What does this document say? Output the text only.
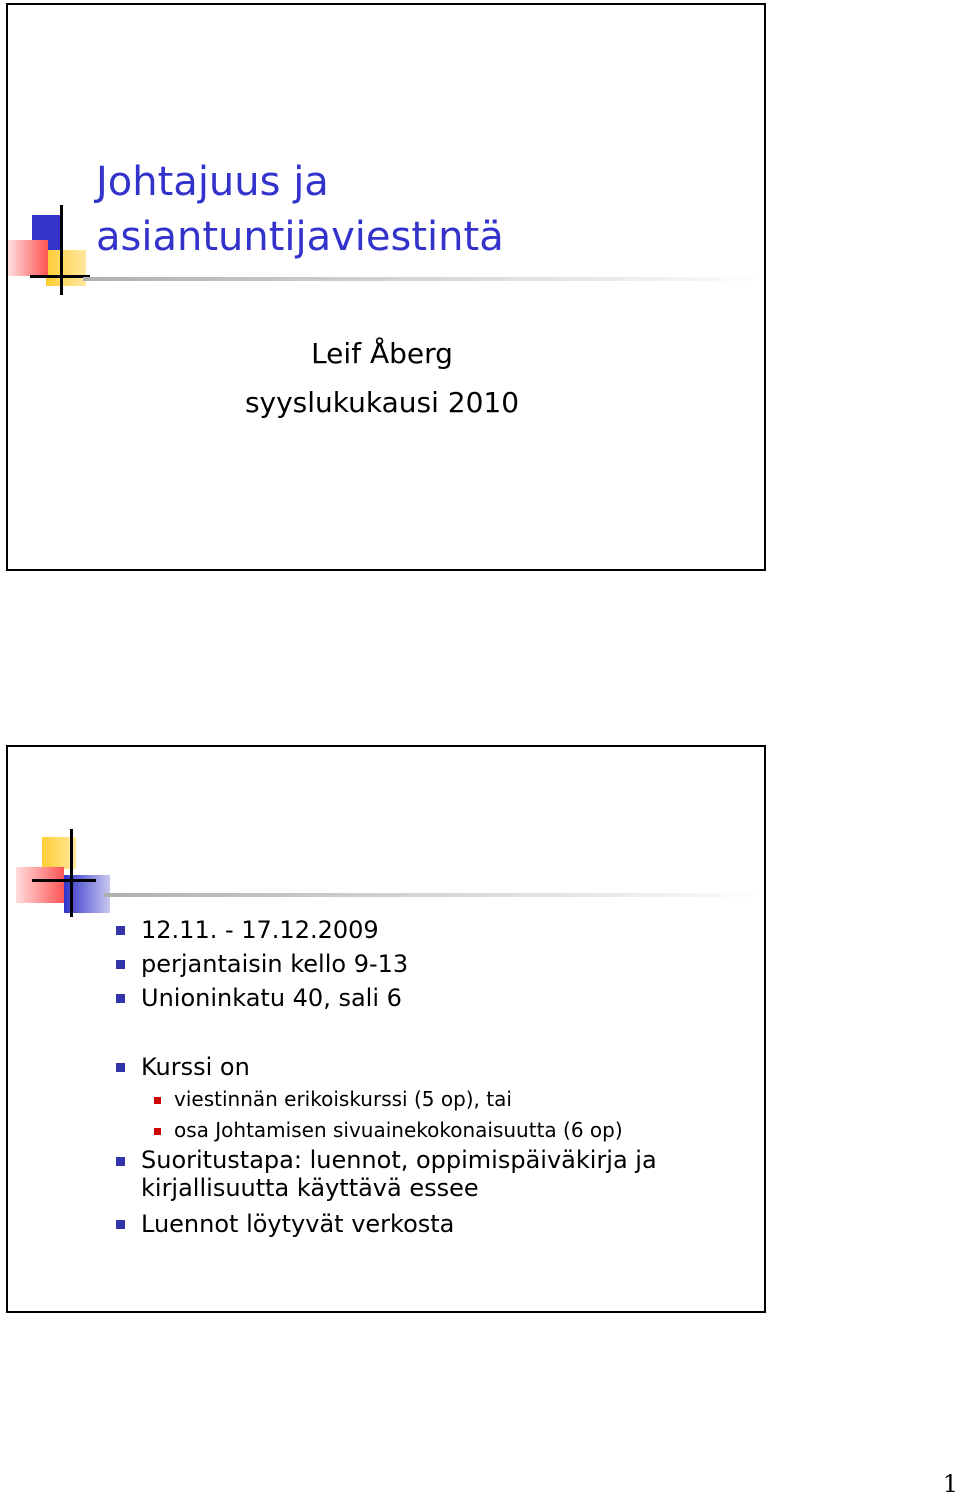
Johtajuus ja
asiantuntijaviestintä
Leif Åberg
syyslukukausi 2010
12.11. - 17.12.2009
perjantaisin kello 9-13
Unioninkatu 40, sali 6
Kurssi on
viestinnän erikoiskurssi (5 op), tai
osa Johtamisen sivuainekokonaisuutta (6 op)
Suoritustapa: luennot, oppimispäiväkirja ja
kirjallisuutta käyttävä essee
Luennot löytyvät verkosta
1
